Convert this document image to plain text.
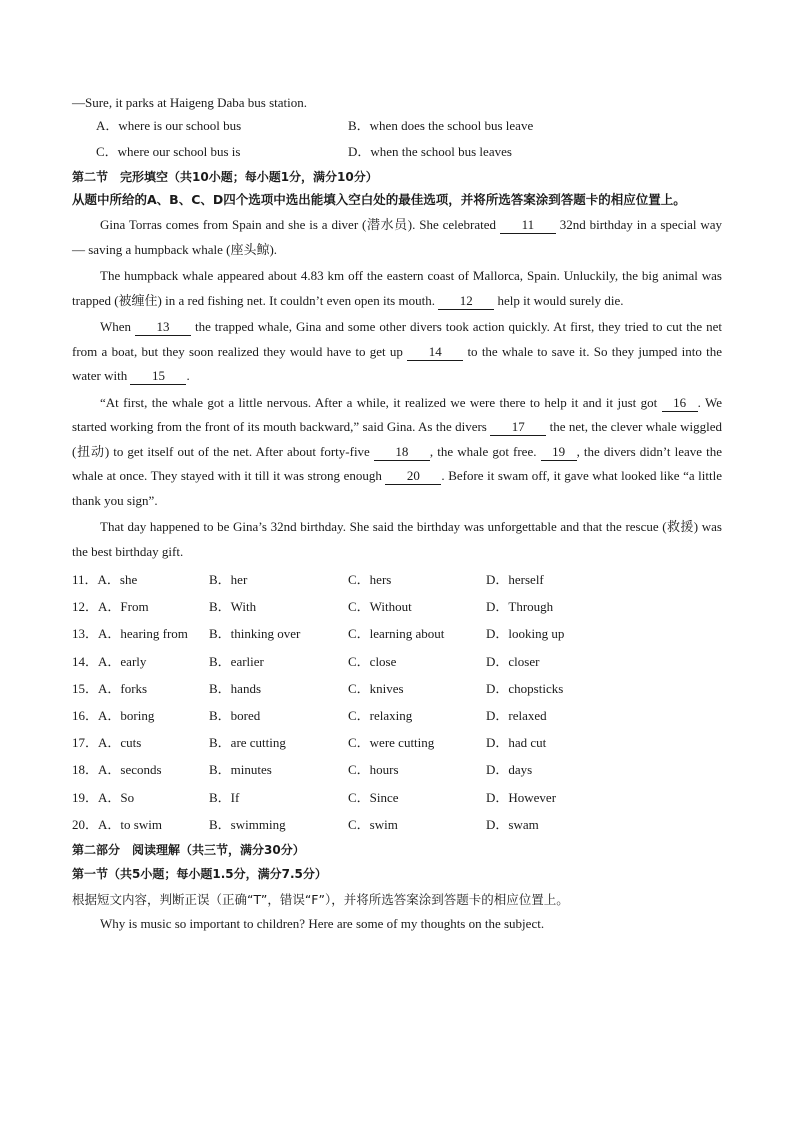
—Sure, it parks at Haigeng Daba bus station.
A．where is our school bus	B．when does the school bus leave
C．where our school bus is	D．when the school bus leaves
第二节　完形填空（共10小题；每小题1分，满分10分）
从题中所给的A、B、C、D四个选项中选出能填入空白处的最佳选项，并将所选答案涂到答题卡的相应位置上。

Gina Torras comes from Spain and she is a diver (潜水员). She celebrated 11 32nd birthday in a special way — saving a humpback whale (座头鲸).

The humpback whale appeared about 4.83 km off the eastern coast of Mallorca, Spain. Unluckily, the big animal was trapped (被缠住) in a red fishing net. It couldn’t even open its mouth. 12 help it would surely die.

When 13 the trapped whale, Gina and some other divers took action quickly. At first, they tried to cut the net from a boat, but they soon realized they would have to get up 14 to the whale to save it. So they jumped into the water with 15 .

“At first, the whale got a little nervous. After a while, it realized we were there to help it and it just got 16 . We started working from the front of its mouth backward,” said Gina. As the divers 17 the net, the clever whale wiggled (扭动) to get itself out of the net. After about forty-five 18 , the whale got free. 19 , the divers didn’t leave the whale at once. They stayed with it till it was strong enough 20 . Before it swam off, it gave what looked like “a little thank you sign”.

That day happened to be Gina’s 32nd birthday. She said the birthday was unforgettable and that the rescue (救援) was the best birthday gift.

11．A．she	B．her	C．hers	D．herself
12．A．From	B．With	C．Without	D．Through
13．A．hearing from B．thinking over	C．learning about	D．looking up
14．A．early	B．earlier	C．close	D．closer
15．A．forks	B．hands	C．knives	D．chopsticks
16．A．boring	B．bored	C．relaxing	D．relaxed
17．A．cuts	B．are cutting	C．were cutting	D．had cut
18．A．seconds	B．minutes	C．hours	D．days
19．A．So	B．If	C．Since	D．However
20．A．to swim	B．swimming	C．swim	D．swam
第二部分　阅读理解（共三节，满分30分）
第一节（共5小题；每小题1.5分，满分7.5分）
根据短文内容，判断正误（正确“T”，错误“F”），并将所选答案涂到答题卡的相应位置上。
Why is music so important to children? Here are some of my thoughts on the subject.
